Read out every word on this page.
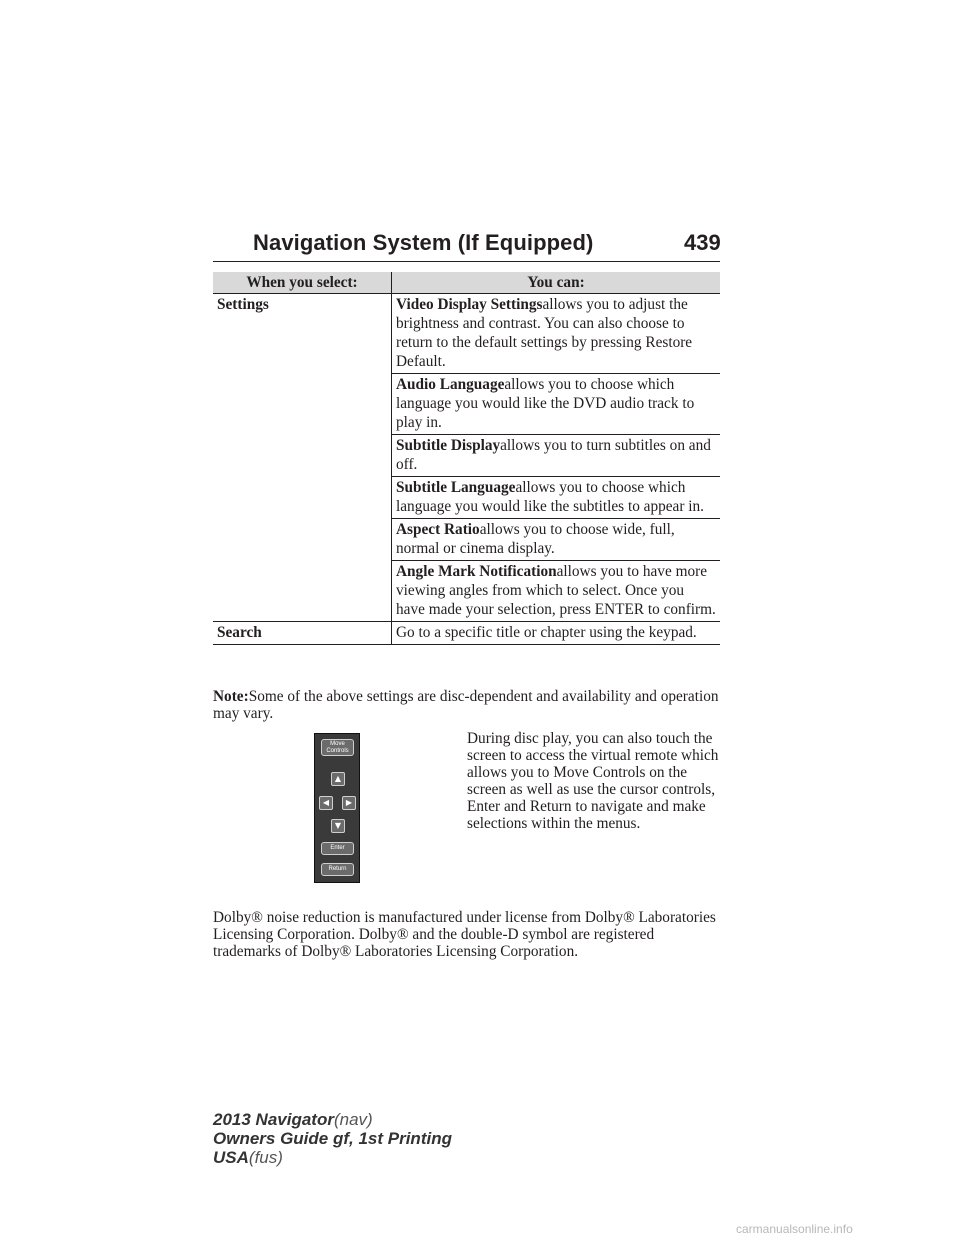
Navigation System (If Equipped)	439
When you select:	You can:
Settings	Video Display Settingsallows you to adjust the brightness and contrast. You can also choose to return to the default settings by pressing Restore Default.
	Audio Languageallows you to choose which language you would like the DVD audio track to play in.
	Subtitle Displayallows you to turn subtitles on and off.
	Subtitle Languageallows you to choose which language you would like the subtitles to appear in.
	Aspect Ratioallows you to choose wide, full, normal or cinema display.
	Angle Mark Notificationallows you to have more viewing angles from which to select. Once you have made your selection, press ENTER to confirm.
Search	Go to a specific title or chapter using the keypad.
Note:Some of the above settings are disc-dependent and availability and operation may vary.
Move Controls
▲
◀	▶
▼
Enter
Return
During disc play, you can also touch the screen to access the virtual remote which allows you to Move Controls on the screen as well as use the cursor controls, Enter and Return to navigate and make selections within the menus.
Dolby® noise reduction is manufactured under license from Dolby® Laboratories Licensing Corporation. Dolby® and the double-D symbol are registered trademarks of Dolby® Laboratories Licensing Corporation.
2013 Navigator(nav)
Owners Guide gf, 1st Printing
USA(fus)
carmanualsonline.info
